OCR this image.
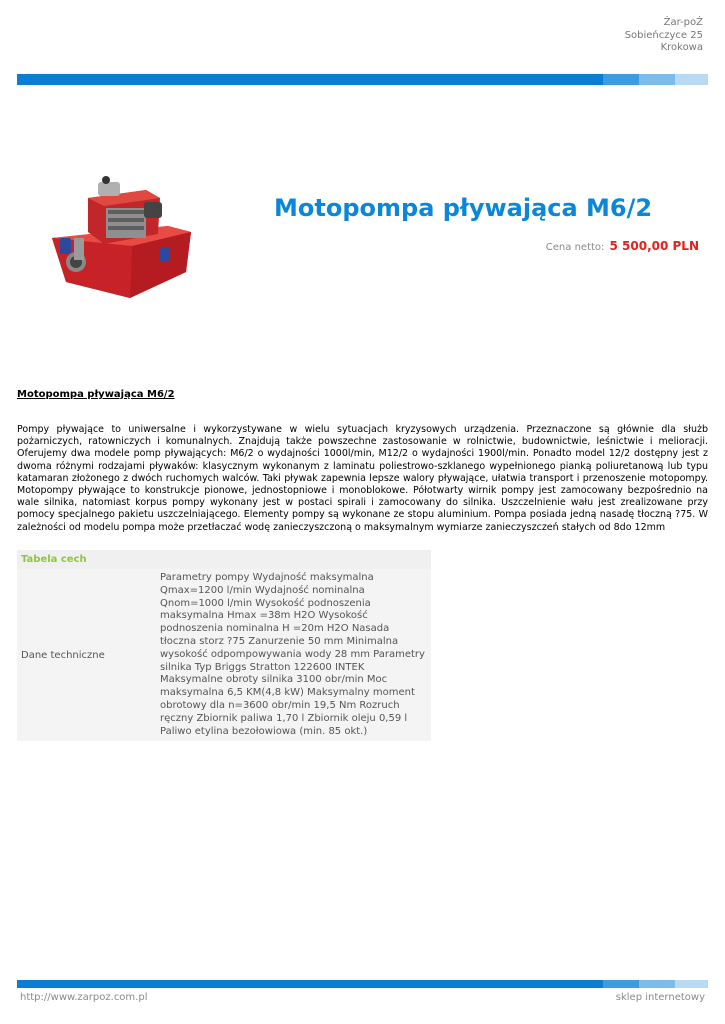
Żar-poŻ
Sobieńczyce 25
Krokowa
Motopompa pływająca M6/2
Cena netto: 5 500,00 PLN
Motopompa pływająca M6/2

Pompy pływające to uniwersalne i wykorzystywane w wielu sytuacjach kryzysowych urządzenia. Przeznaczone są głównie dla służb pożarniczych, ratowniczych i komunalnych. Znajdują także powszechne zastosowanie w rolnictwie, budownictwie, leśnictwie i melioracji. Oferujemy dwa modele pomp pływających: M6/2 o wydajności 1000l/min, M12/2 o wydajności 1900l/min. Ponadto model 12/2 dostępny jest z dwoma różnymi rodzajami pływaków: klasycznym wykonanym z laminatu poliestrowo-szklanego wypełnionego pianką poliuretanową lub typu katamaran złożonego z dwóch ruchomych walców. Taki pływak zapewnia lepsze walory pływające, ułatwia transport i przenoszenie motopompy. Motopompy pływające to konstrukcje pionowe, jednostopniowe i monoblokowe. Półotwarty wirnik pompy jest zamocowany bezpośrednio na wale silnika, natomiast korpus pompy wykonany jest w postaci spirali i zamocowany do silnika. Uszczelnienie wału jest zrealizowane przy pomocy specjalnego pakietu uszczelniającego. Elementy pompy są wykonane ze stopu aluminium. Pompa posiada jedną nasadę tłoczną ?75. W zależności od modelu pompa może przetłaczać wodę zanieczyszczoną o maksymalnym wymiarze zanieczyszczeń stałych od 8do 12mm

Tabela cech
Dane techniczne	Parametry pompy Wydajność maksymalna Qmax=1200 l/min Wydajność nominalna Qnom=1000 l/min Wysokość podnoszenia maksymalna Hmax =38m H2O Wysokość podnoszenia nominalna H =20m H2O Nasada tłoczna storz ?75 Zanurzenie 50 mm Minimalna wysokość odpompowywania wody 28 mm Parametry silnika Typ Briggs Stratton 122600 INTEK Maksymalne obroty silnika 3100 obr/min Moc maksymalna 6,5 KM(4,8 kW) Maksymalny moment obrotowy dla n=3600 obr/min 19,5 Nm Rozruch ręczny Zbiornik paliwa 1,70 l Zbiornik oleju 0,59 l Paliwo etylina bezołowiowa (min. 85 okt.)
http://www.zarpoz.com.pl	sklep internetowy
